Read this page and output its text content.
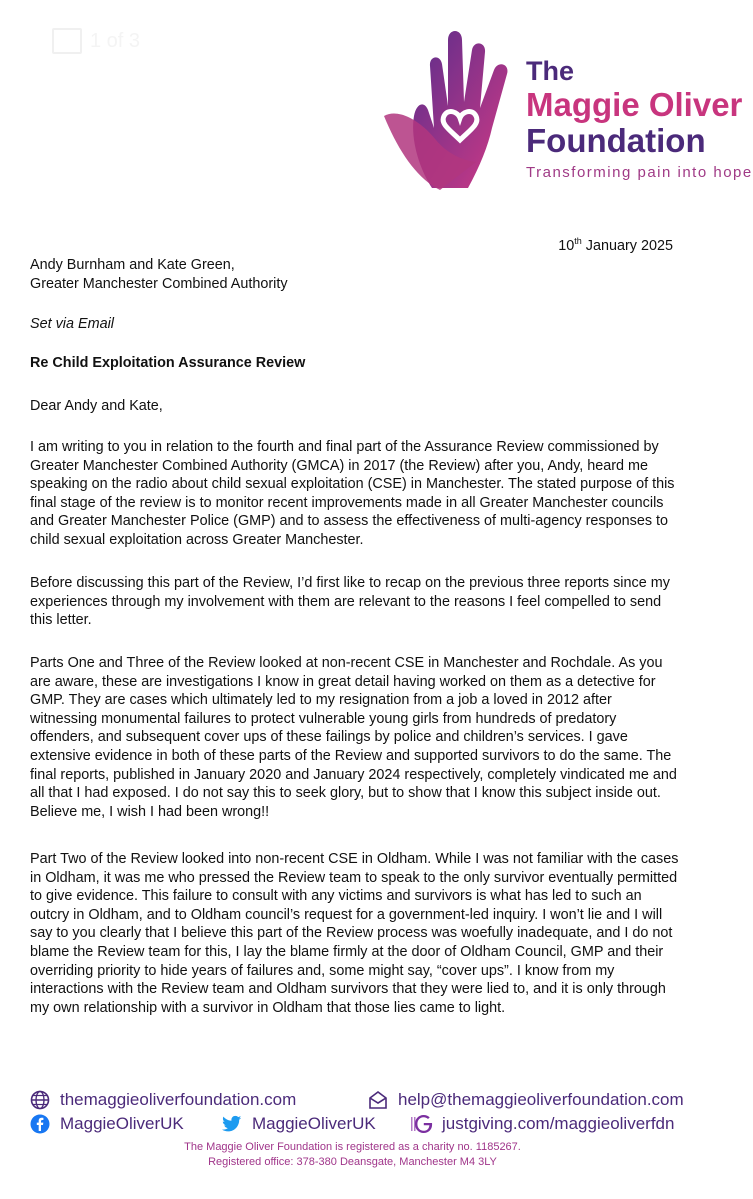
1 of 3
The
Maggie Oliver
Foundation
Transforming pain into hope
10th January 2025

Andy Burnham and Kate Green,
Greater Manchester Combined Authority

Set via Email

Re Child Exploitation Assurance Review

Dear Andy and Kate,

I am writing to you in relation to the fourth and final part of the Assurance Review commissioned by Greater Manchester Combined Authority (GMCA) in 2017 (the Review) after you, Andy, heard me speaking on the radio about child sexual exploitation (CSE) in Manchester. The stated purpose of this final stage of the review is to monitor recent improvements made in all Greater Manchester councils and Greater Manchester Police (GMP) and to assess the effectiveness of multi-agency responses to child sexual exploitation across Greater Manchester.

Before discussing this part of the Review, I’d first like to recap on the previous three reports since my experiences through my involvement with them are relevant to the reasons I feel compelled to send this letter.

Parts One and Three of the Review looked at non-recent CSE in Manchester and Rochdale. As you are aware, these are investigations I know in great detail having worked on them as a detective for GMP. They are cases which ultimately led to my resignation from a job a loved in 2012 after witnessing monumental failures to protect vulnerable young girls from hundreds of predatory offenders, and subsequent cover ups of these failings by police and children’s services. I gave extensive evidence in both of these parts of the Review and supported survivors to do the same. The final reports, published in January 2020 and January 2024 respectively, completely vindicated me and all that I had exposed. I do not say this to seek glory, but to show that I know this subject inside out. Believe me, I wish I had been wrong!!

Part Two of the Review looked into non-recent CSE in Oldham. While I was not familiar with the cases in Oldham, it was me who pressed the Review team to speak to the only survivor eventually permitted to give evidence. This failure to consult with any victims and survivors is what has led to such an outcry in Oldham, and to Oldham council’s request for a government-led inquiry. I won’t lie and I will say to you clearly that I believe this part of the Review process was woefully inadequate, and I do not blame the Review team for this, I lay the blame firmly at the door of Oldham Council, GMP and their overriding priority to hide years of failures and, some might say, “cover ups”. I know from my interactions with the Review team and Oldham survivors that they were lied to, and it is only through my own relationship with a survivor in Oldham that those lies came to light.

themaggieoliverfoundation.com	help@themaggieoliverfoundation.com
MaggieOliverUK	MaggieOliverUK	justgiving.com/maggieoliverfdn
The Maggie Oliver Foundation is registered as a charity no. 1185267.
Registered office: 378-380 Deansgate, Manchester M4 3LY
